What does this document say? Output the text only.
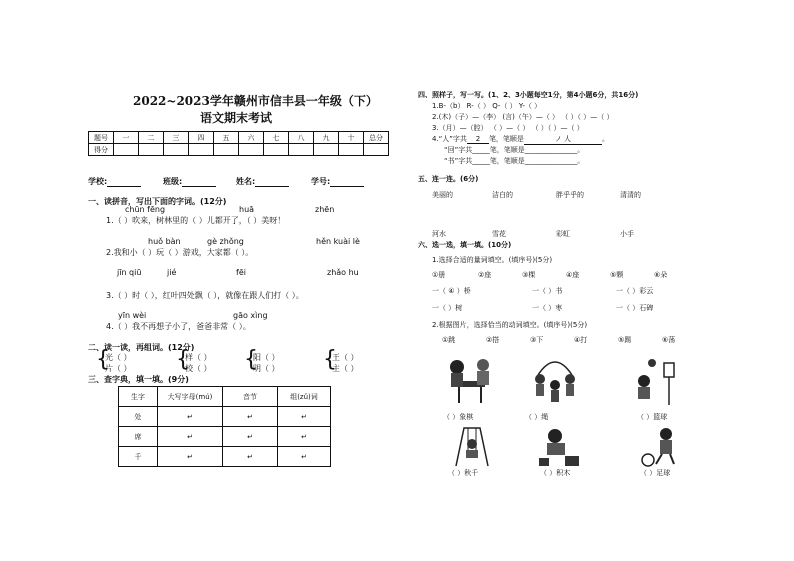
2022~2023学年赣州市信丰县一年级（下）
语文期末考试
题号	一	二	三	四	五	六	七	八	九	十	总分
得分											
学校:	班级:	姓名:	学号:
一、读拼音，写出下面的字词。(12分)
chūn fēng	huā	zhēn
1.（ ）吹来，树林里的（ ）儿都开了，（ ）美呀！
huǒ bàn	gè zhǒng	hěn kuài lè
2.我和小（ ）玩（ ）游戏，大家都（ ）。
jīn qiū	jié	fēi	zhǎo hu
3.（ ）时（ ），红叶四处飘（ ），就像在跟人们打（ ）。
yīn wèi	gāo xìng
4.（ ）我不再想子小了，爸爸非常（ ）。
二、读一读，再组词。(12分)
{
光（ ）
片（ ） {
样（ ）
校（ ） {
阳（ ）
明（ ） {
王（ ）
主（ ）
三、查字典，填一填。(9分)
生字	大写字母(mú)	音节	组(zǔ)词
处	↵	↵	↵
席	↵	↵	↵
千	↵	↵	↵
四、照样子，写一写。(1、2、3小题每空1分，第4小题6分，共16分)
1.B-（b） R-（ ） Q-（ ） Y-（ ）
2.(木)（子）—（李） (言)（午）—（ ） （ ）（ ）—（ ）
3.（月）—（腔） （ ）—（ ） （ ）（ ）—（ ）
4.“人”字共 2 笔，笔顺是	ノ 人	。
“回”字共_____笔，笔顺是_______________。
“书”字共_____笔，笔顺是_______________。
五、连一连。(6分)
美丽的	洁白的	胖乎乎的	清清的
河水	雪花	彩虹	小手
六、选一选，填一填。(10分)
1.选择合适的量词填空。(填序号)(5分)
①册	②座	③棵	④座	⑤颗	⑥朵
一（ ④ ）桥	一（ ）书	一（ ）彩云
一（ ）树	一（ ）枣	一（ ）石碑
2.根据图片，选择恰当的动词填空。(填序号)(5分)
①跳	②搭	③下	④打	⑤踢	⑥荡
（ ）象棋	（ ）绳	（ ）篮球
（ ）秋千	（ ）积木	（ ）足球
